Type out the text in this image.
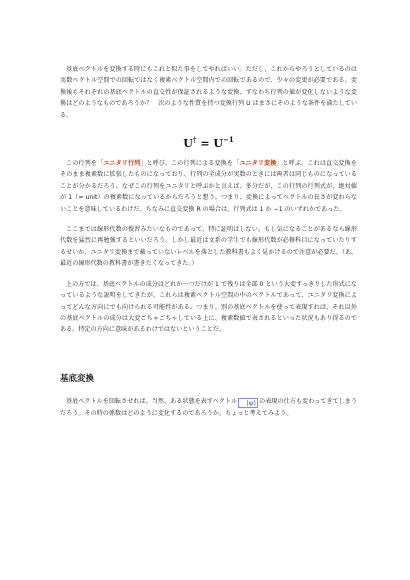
基底ベクトルを変換する時にもこれと似た事をしてやればいい。ただし、これからやろうとしているのは実数ベクトル空間での回転ではなく複素ベクトル空間内での回転であるので、少々の変更が必要である。変換後もそれぞれの基底ベクトルの直交性が保証されるような変換、すなわち行列の値が変化しないような変換はどのようなものであろうか？　次のような性質を持つ変換行列 U はまさにそのような条件を満たしている。

$U^\dagger = U^{-1}$

この行列を「ユニタリ行列」と呼び、この行列による変換を「ユニタリ変換」と呼ぶ。これは直交変換をそのまま複素数に拡張したものになっており、行列の全成分が実数のときには両者は同じものになっていることが分かるだろう。なぜこの行列をユニタリと呼ぶかと言えば、多分だが、この行列の行列式が、絶対値が 1（= unit）の複素数になっているからだろうと想う。つまり、変換によってベクトルの長さが変わらないことを意味しているわけだ。ちなみに直交変換 R の場合は、行列式は 1 か −1 のいずれかであった。

ここまでは線形代数の復習みたいなものであって、特に証明はしない。もし気になることがあるなら線形代数を猛烈に再勉強するといいだろう。しかし最近は文系の学生でも線形代数が必修科目になっていたりするせいか、ユニタリ変換まで載っていないレベルを落とした教科書もよく見かけるので注意が必要だ。（あ、最近の線形代数の教科書が書きたくなってきた。）

上の方では、基底ベクトルの成分はどれか一つだけが 1 で残りは全部 0 という大変すっきりした形式になっているような説明をしてきたが、これらは複素ベクトル空間の中のベクトルであって、ユニタリ変換によってどんな方向にでも向けられる可能性がある。つまり、別の基底ベクトルを使って表現すれば、それ以外の基底ベクトルの成分は大変ごちゃごちゃしている上に、複素数値で表されるといった状況もあり得るのである。特定の方向に意味があるわけではないということだ。

基底変換

基底ベクトルを回転させれば、当然、ある状態を表すベクトル |ψ⟩ の表現の仕方も変わってきてしまうだろう。その時の係数はどのように変化するのであろうか。ちょっと考えてみよう。
